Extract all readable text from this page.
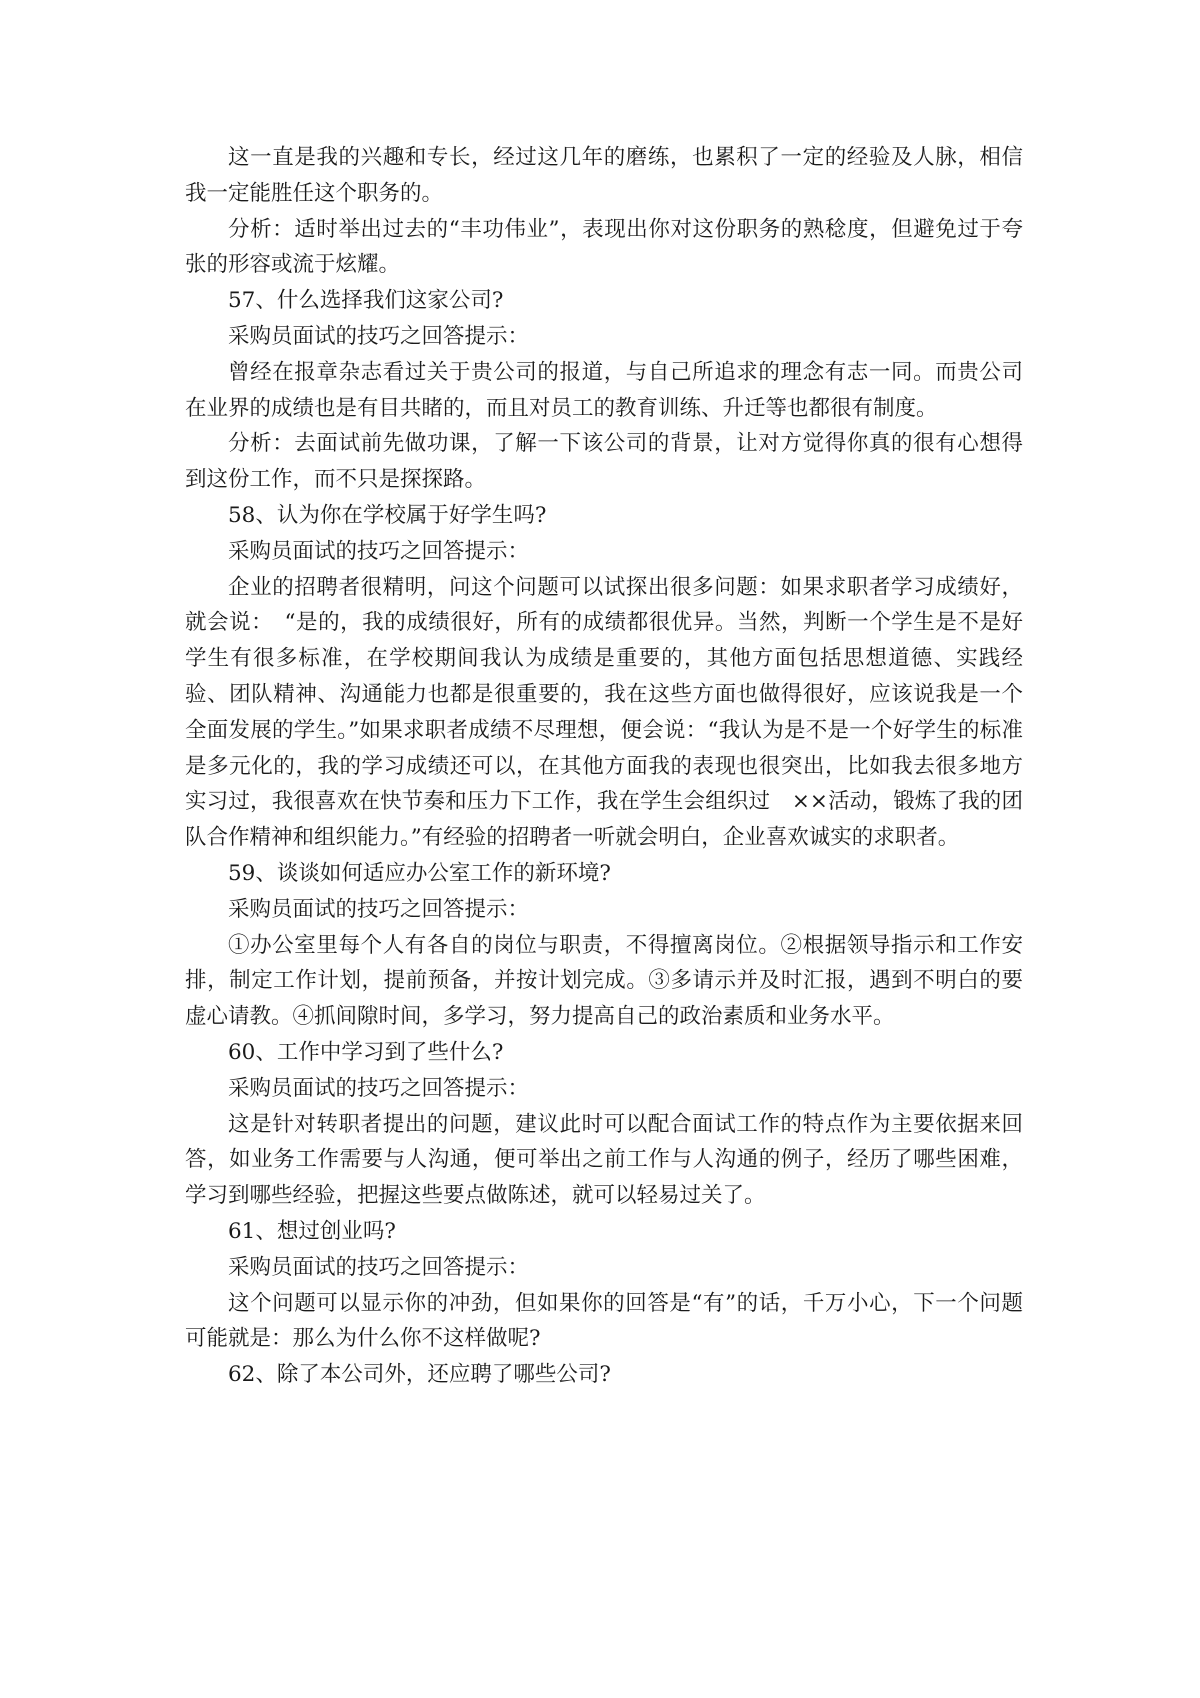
这一直是我的兴趣和专长，经过这几年的磨练，也累积了一定的经验及人脉，相信我一定能胜任这个职务的。

分析：适时举出过去的“丰功伟业”，表现出你对这份职务的熟稔度，但避免过于夸张的形容或流于炫耀。

57、什么选择我们这家公司?

采购员面试的技巧之回答提示：

曾经在报章杂志看过关于贵公司的报道，与自己所追求的理念有志一同。而贵公司在业界的成绩也是有目共睹的，而且对员工的教育训练、升迁等也都很有制度。

分析：去面试前先做功课，了解一下该公司的背景，让对方觉得你真的很有心想得到这份工作，而不只是探探路。

58、认为你在学校属于好学生吗?

采购员面试的技巧之回答提示：

企业的招聘者很精明，问这个问题可以试探出很多问题：如果求职者学习成绩好，就会说：　“是的，我的成绩很好，所有的成绩都很优异。当然，判断一个学生是不是好学生有很多标准，在学校期间我认为成绩是重要的，其他方面包括思想道德、实践经验、团队精神、沟通能力也都是很重要的，我在这些方面也做得很好，应该说我是一个全面发展的学生。”如果求职者成绩不尽理想，便会说：“我认为是不是一个好学生的标准是多元化的，我的学习成绩还可以，在其他方面我的表现也很突出，比如我去很多地方实习过，我很喜欢在快节奏和压力下工作，我在学生会组织过　××活动，锻炼了我的团队合作精神和组织能力。”有经验的招聘者一听就会明白，企业喜欢诚实的求职者。

59、谈谈如何适应办公室工作的新环境?

采购员面试的技巧之回答提示：

①办公室里每个人有各自的岗位与职责，不得擅离岗位。②根据领导指示和工作安排，制定工作计划，提前预备，并按计划完成。③多请示并及时汇报，遇到不明白的要虚心请教。④抓间隙时间，多学习，努力提高自己的政治素质和业务水平。

60、工作中学习到了些什么?

采购员面试的技巧之回答提示：

这是针对转职者提出的问题，建议此时可以配合面试工作的特点作为主要依据来回答，如业务工作需要与人沟通，便可举出之前工作与人沟通的例子，经历了哪些困难，学习到哪些经验，把握这些要点做陈述，就可以轻易过关了。

61、想过创业吗?

采购员面试的技巧之回答提示：

这个问题可以显示你的冲劲，但如果你的回答是“有”的话，千万小心，下一个问题可能就是：那么为什么你不这样做呢?

62、除了本公司外，还应聘了哪些公司?
